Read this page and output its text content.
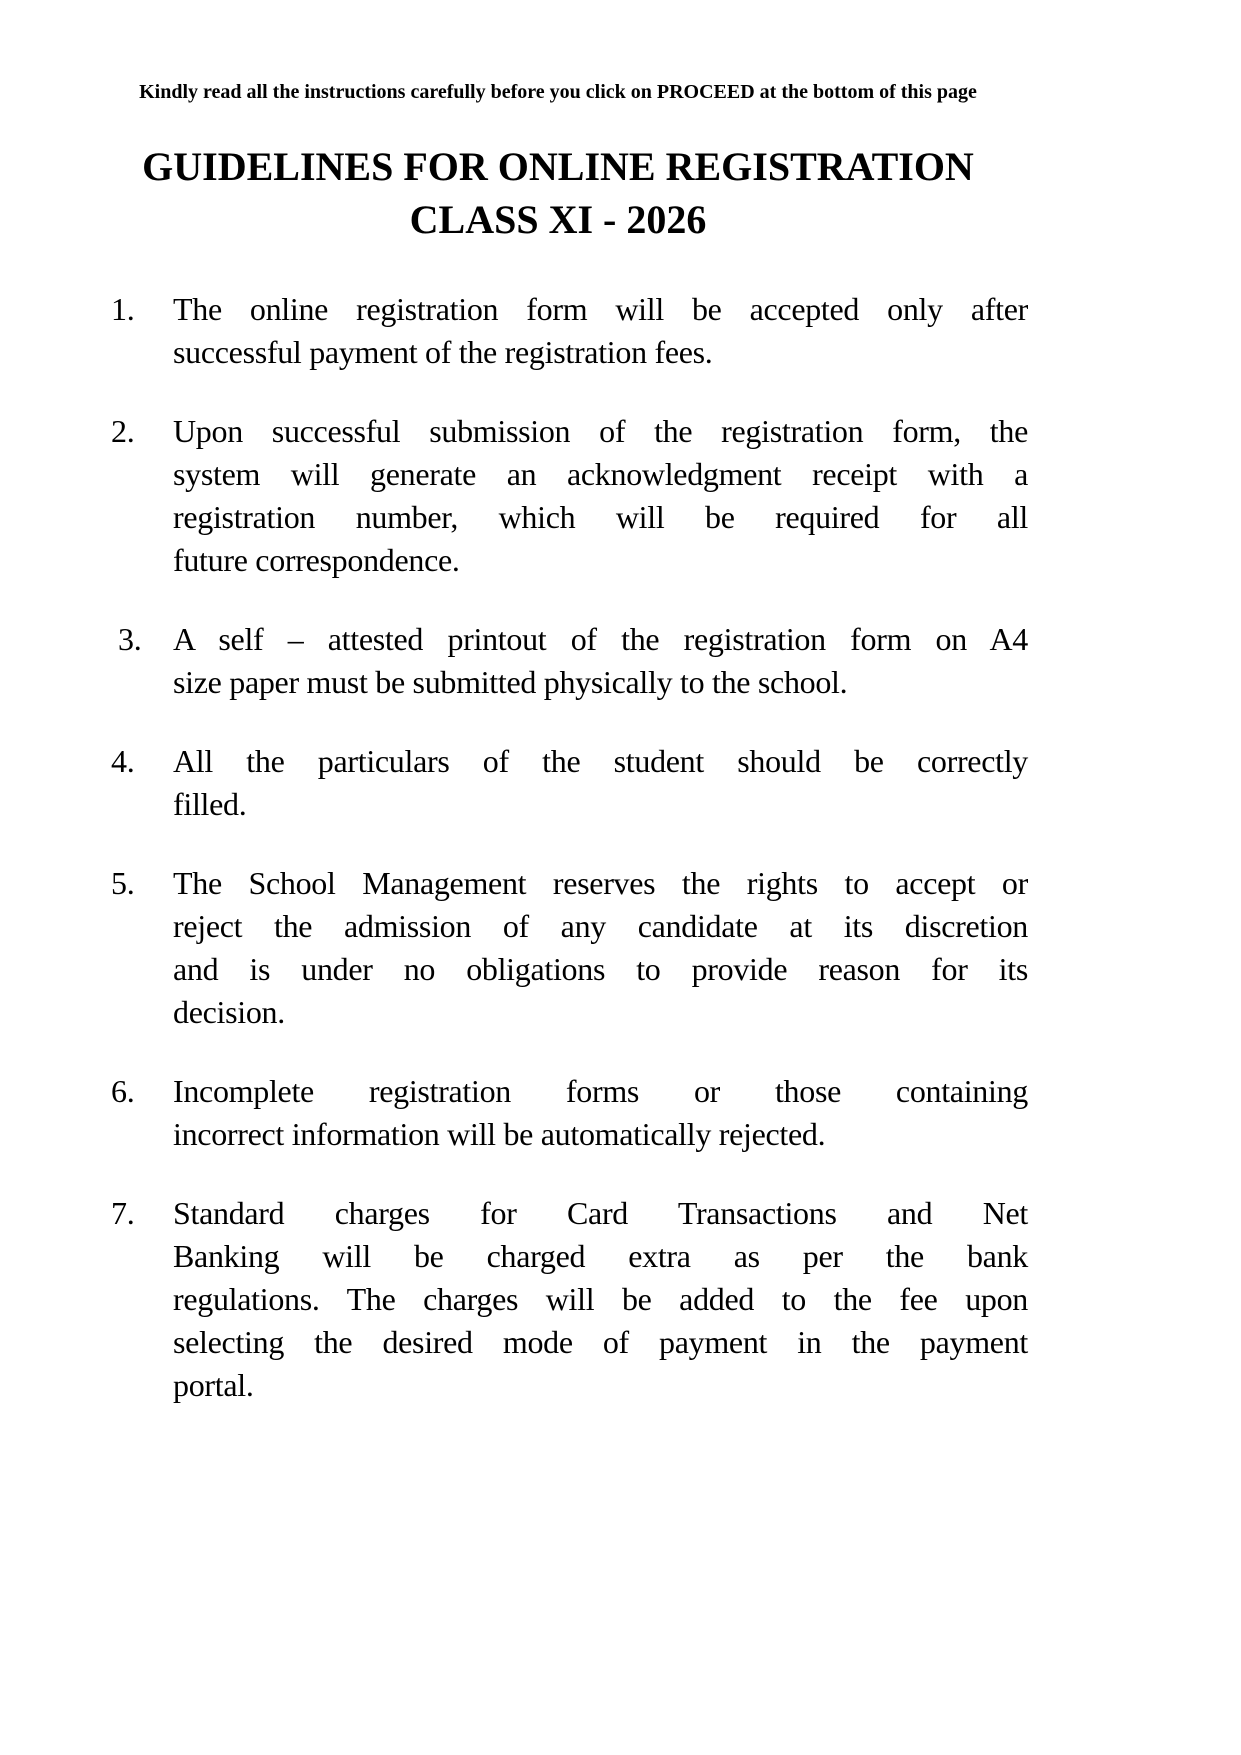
Kindly read all the instructions carefully before you click on PROCEED at the bottom of this page
GUIDELINES FOR ONLINE REGISTRATION
CLASS XI - 2026
1. The online registration form will be accepted only after
successful payment of the registration fees.
2. Upon successful submission of the registration form, the
system will generate an acknowledgment receipt with a
registration number, which will be required for all
future correspondence.
3. A self – attested printout of the registration form on A4
size paper must be submitted physically to the school.
4. All the particulars of the student should be correctly
filled.
5. The School Management reserves the rights to accept or
reject the admission of any candidate at its discretion
and is under no obligations to provide reason for its
decision.
6. Incomplete registration forms or those containing
incorrect information will be automatically rejected.
7. Standard charges for Card Transactions and Net
Banking will be charged extra as per the bank
regulations. The charges will be added to the fee upon
selecting the desired mode of payment in the payment
portal.
